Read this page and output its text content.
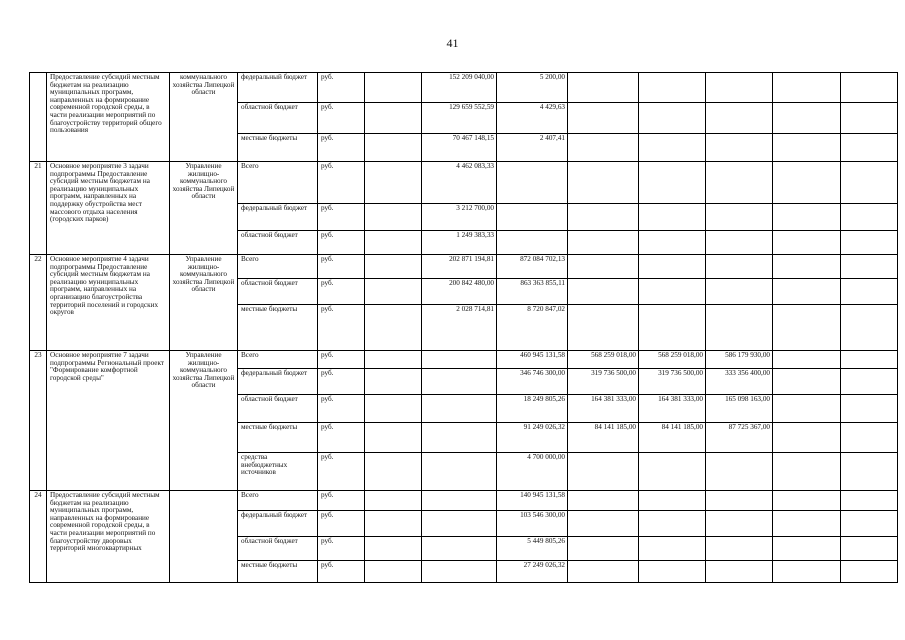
41
	Предоставление субсидий местным бюджетам на реализацию муниципальных программ, направленных на формирование современной городской среды, в части реализации мероприятий по благоустройству территорий общего пользования	коммунального хозяйства Липецкой области	федеральный бюджет	руб.		152 209 040,00	5 200,00					
			областной бюджет	руб.		129 659 552,59	4 429,63					
			местные бюджеты	руб.		70 467 148,15	2 407,41					
21	Основное мероприятие 3 задачи подпрограммы Предоставление субсидий местным бюджетам на реализацию муниципальных программ, направленных на поддержку обустройства мест массового отдыха населения (городских парков)	Управление жилищно-коммунального хозяйства Липецкой области	Всего	руб.		4 462 083,33						
			федеральный бюджет	руб.		3 212 700,00						
			областной бюджет	руб.		1 249 383,33						
22	Основное мероприятие 4 задачи подпрограммы Предоставление субсидий местным бюджетам на реализацию муниципальных программ, направленных на организацию благоустройства территорий поселений и городских округов	Управление жилищно-коммунального хозяйства Липецкой области	Всего	руб.		202 871 194,81	872 084 702,13					
			областной бюджет	руб.		200 842 480,00	863 363 855,11					
			местные бюджеты	руб.		2 028 714,81	8 720 847,02					
23	Основное мероприятие 7 задачи подпрограммы Региональный проект "Формирование комфортной городской среды"	Управление жилищно-коммунального хозяйства Липецкой области	Всего	руб.			460 945 131,58	568 259 018,00	568 259 018,00	586 179 930,00		
			федеральный бюджет	руб.			346 746 300,00	319 736 500,00	319 736 500,00	333 356 400,00		
			областной бюджет	руб.			18 249 805,26	164 381 333,00	164 381 333,00	165 098 163,00		
			местные бюджеты	руб.			91 249 026,32	84 141 185,00	84 141 185,00	87 725 367,00		
			средства внебюджетных источников	руб.			4 700 000,00					
24	Предоставление субсидий местным бюджетам на реализацию муниципальных программ, направленных на формирование современной городской среды, в части реализации мероприятий по благоустройству дворовых территорий многоквартирных		Всего	руб.			140 945 131,58					
			федеральный бюджет	руб.			103 546 300,00					
			областной бюджет	руб.			5 449 805,26					
			местные бюджеты	руб.			27 249 026,32					
